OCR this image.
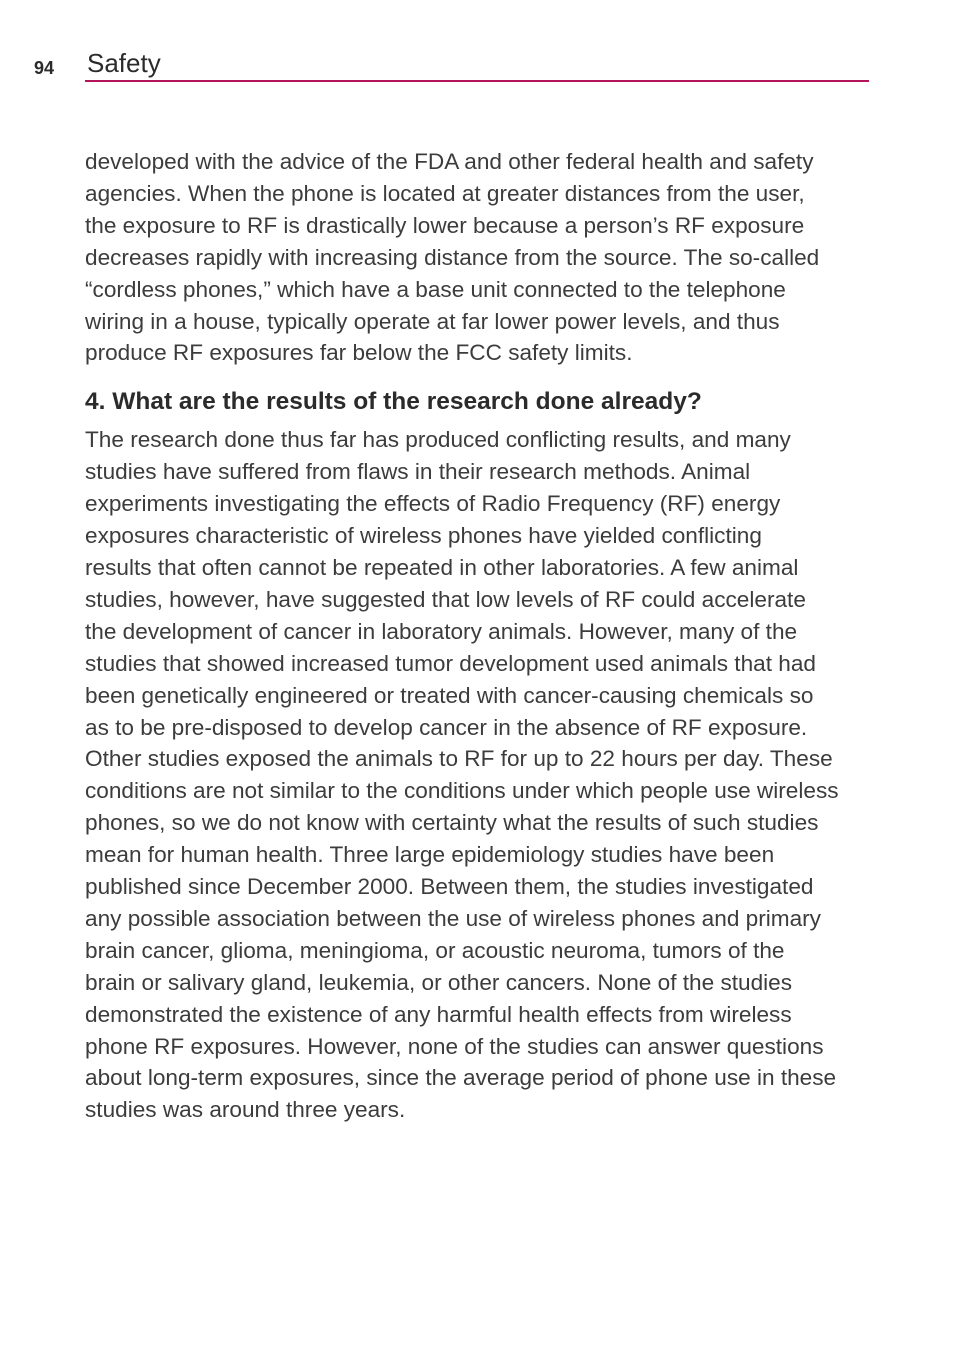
94 Safety

developed with the advice of the FDA and other federal health and safety
agencies. When the phone is located at greater distances from the user,
the exposure to RF is drastically lower because a person’s RF exposure
decreases rapidly with increasing distance from the source. The so-called
“cordless phones,” which have a base unit connected to the telephone
wiring in a house, typically operate at far lower power levels, and thus
produce RF exposures far below the FCC safety limits.

4. What are the results of the research done already?

The research done thus far has produced conflicting results, and many
studies have suffered from flaws in their research methods. Animal
experiments investigating the effects of Radio Frequency (RF) energy
exposures characteristic of wireless phones have yielded conflicting
results that often cannot be repeated in other laboratories. A few animal
studies, however, have suggested that low levels of RF could accelerate
the development of cancer in laboratory animals. However, many of the
studies that showed increased tumor development used animals that had
been genetically engineered or treated with cancer-causing chemicals so
as to be pre-disposed to develop cancer in the absence of RF exposure.
Other studies exposed the animals to RF for up to 22 hours per day. These
conditions are not similar to the conditions under which people use wireless
phones, so we do not know with certainty what the results of such studies
mean for human health. Three large epidemiology studies have been
published since December 2000. Between them, the studies investigated
any possible association between the use of wireless phones and primary
brain cancer, glioma, meningioma, or acoustic neuroma, tumors of the
brain or salivary gland, leukemia, or other cancers. None of the studies
demonstrated the existence of any harmful health effects from wireless
phone RF exposures. However, none of the studies can answer questions
about long-term exposures, since the average period of phone use in these
studies was around three years.
